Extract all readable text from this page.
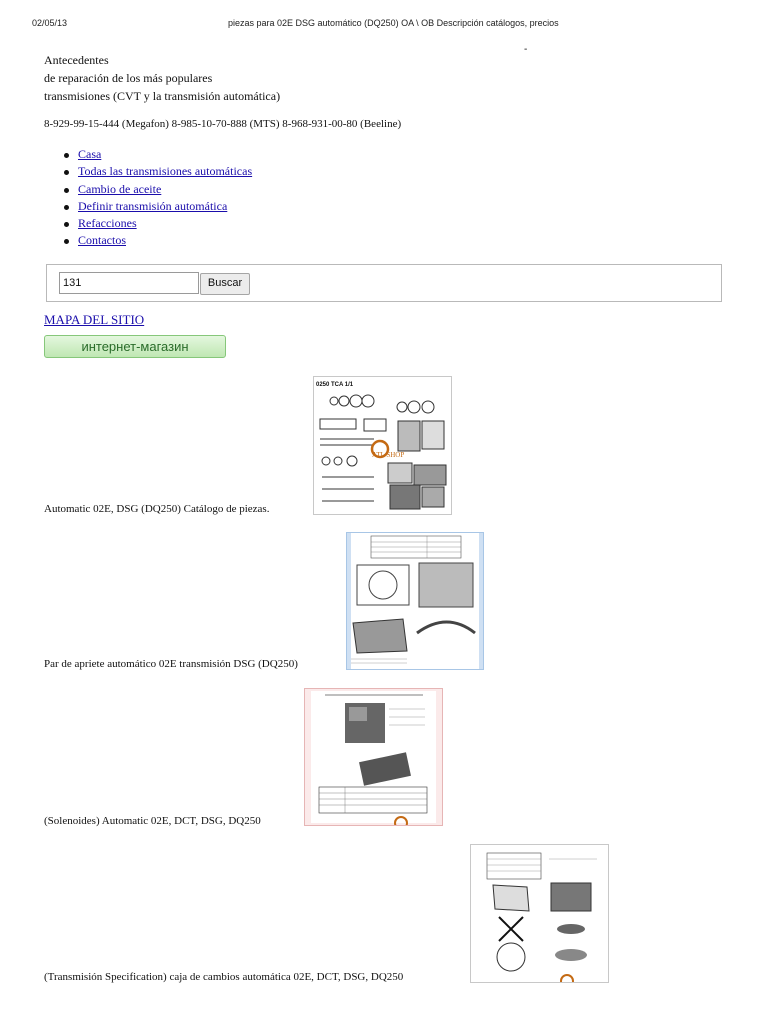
02/05/13	piezas para 02E DSG automático (DQ250) OA \ OB Descripción catálogos, precios
-
Antecedentes
de reparación de los más populares
transmisiones (CVT y la transmisión automática)
8-929-99-15-444 (Megafon) 8-985-10-70-888 (MTS) 8-968-931-00-80 (Beeline)
Casa
Todas las transmisiones automáticas
Cambio de aceite
Definir transmisión automática
Refacciones
Contactos
131	Buscar
MAPA DEL SITIO
интернет-магазин
0250 TCA 1/1
ATL SHOP
Automatic 02E, DSG (DQ250) Catálogo de piezas.
Par de apriete automático 02E transmisión DSG (DQ250)
(Solenoides) Automatic 02E, DCT, DSG, DQ250
(Transmisión Specification) caja de cambios automática 02E, DCT, DSG, DQ250
